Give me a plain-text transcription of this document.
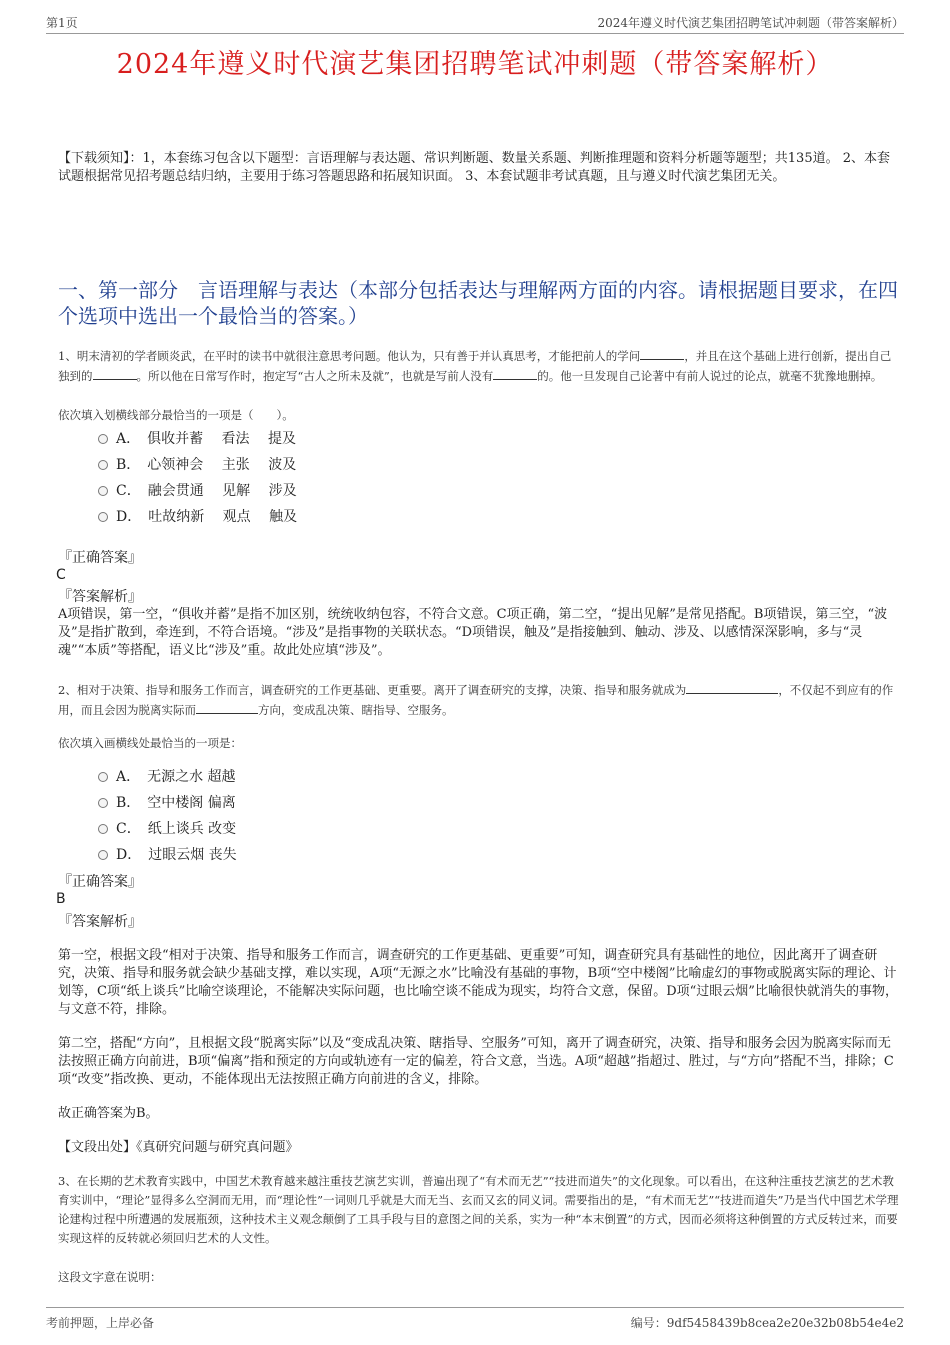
第1页	2024年遵义时代演艺集团招聘笔试冲刺题（带答案解析）
2024年遵义时代演艺集团招聘笔试冲刺题（带答案解析）
【下载须知】：1，本套练习包含以下题型：言语理解与表达题、常识判断题、数量关系题、判断推理题和资料分析题等题型；共135道。 2、本套试题根据常见招考题总结归纳，主要用于练习答题思路和拓展知识面。 3、本套试题非考试真题，且与遵义时代演艺集团无关。
一、第一部分　言语理解与表达（本部分包括表达与理解两方面的内容。请根据题目要求，在四个选项中选出一个最恰当的答案。）
1、明末清初的学者顾炎武，在平时的读书中就很注意思考问题。他认为，只有善于并认真思考，才能把前人的学问	，并且在这个基础上进行创新，提出自己独到的	。所以他在日常写作时，抱定写“古人之所未及就”，也就是写前人没有	的。他一旦发现自己论著中有前人说过的论点，就毫不犹豫地删掉。
依次填入划横线部分最恰当的一项是（　　）。
A．　俱收并蓄　 看法　 提及
B．　心领神会　 主张　 波及
C．　融会贯通　 见解　 涉及
D．　吐故纳新　 观点　 触及
『正确答案』
C
『答案解析』
A项错误，第一空，“俱收并蓄”是指不加区别，统统收纳包容，不符合文意。C项正确，第二空，“提出见解”是常见搭配。B项错误，第三空，“波及”是指扩散到，牵连到，不符合语境。“涉及”是指事物的关联状态。“D项错误，触及”是指接触到、触动、涉及、以感情深深影响，多与“灵魂”“本质”等搭配，语义比“涉及”重。故此处应填“涉及”。
2、相对于决策、指导和服务工作而言，调查研究的工作更基础、更重要。离开了调查研究的支撑，决策、指导和服务就成为	，不仅起不到应有的作用，而且会因为脱离实际而	方向，变成乱决策、瞎指导、空服务。
依次填入画横线处最恰当的一项是：
A．　无源之水 超越
B．　空中楼阁 偏离
C．　纸上谈兵 改变
D．　过眼云烟 丧失
『正确答案』
B
『答案解析』
第一空，根据文段“相对于决策、指导和服务工作而言，调查研究的工作更基础、更重要”可知，调查研究具有基础性的地位，因此离开了调查研究，决策、指导和服务就会缺少基础支撑，难以实现，A项“无源之水”比喻没有基础的事物，B项“空中楼阁”比喻虚幻的事物或脱离实际的理论、计划等，C项“纸上谈兵”比喻空谈理论，不能解决实际问题，也比喻空谈不能成为现实，均符合文意，保留。D项“过眼云烟”比喻很快就消失的事物，与文意不符，排除。
第二空，搭配“方向”，且根据文段“脱离实际”以及“变成乱决策、瞎指导、空服务”可知，离开了调查研究，决策、指导和服务会因为脱离实际而无法按照正确方向前进，B项“偏离”指和预定的方向或轨迹有一定的偏差，符合文意，当选。A项“超越”指超过、胜过，与“方向”搭配不当，排除；C项“改变”指改换、更动，不能体现出无法按照正确方向前进的含义，排除。
故正确答案为B。
【文段出处】《真研究问题与研究真问题》
3、在长期的艺术教育实践中，中国艺术教育越来越注重技艺演艺实训，普遍出现了“有术而无艺”“技进而道失”的文化现象。可以看出，在这种注重技艺演艺的艺术教育实训中，“理论”显得多么空洞而无用，而“理论性”一词则几乎就是大而无当、玄而又玄的同义词。需要指出的是，“有术而无艺”“技进而道失”乃是当代中国艺术学理论建构过程中所遭遇的发展瓶颈，这种技术主义观念颠倒了工具手段与目的意图之间的关系，实为一种“本末倒置”的方式，因而必须将这种倒置的方式反转过来，而要实现这样的反转就必须回归艺术的人文性。
这段文字意在说明：
考前押题，上岸必备	编号：9df5458439b8cea2e20e32b08b54e4e2
